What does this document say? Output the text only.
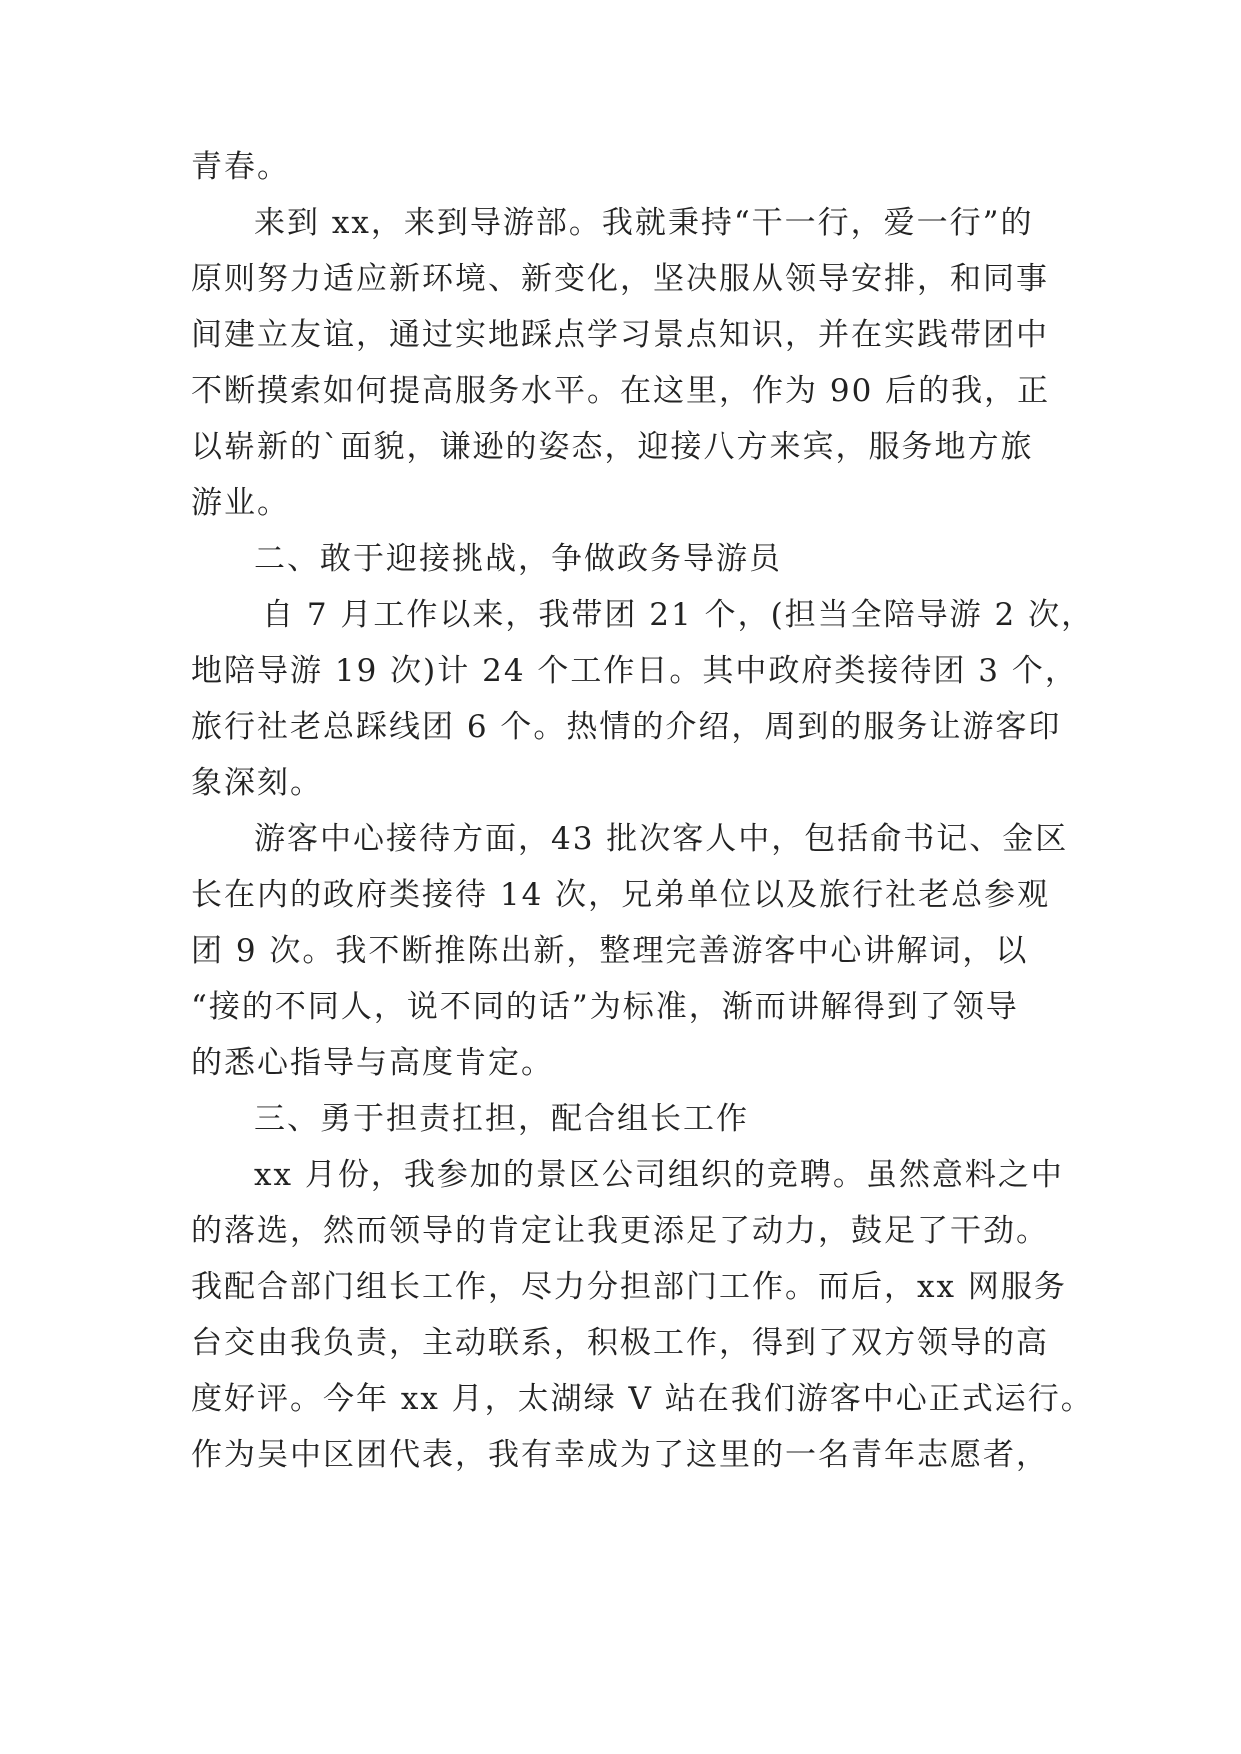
青春。
来到 xx，来到导游部。我就秉持“干一行，爱一行”的
原则努力适应新环境、新变化，坚决服从领导安排，和同事
间建立友谊，通过实地踩点学习景点知识，并在实践带团中
不断摸索如何提高服务水平。在这里，作为 90 后的我，正
以崭新的`面貌，谦逊的姿态，迎接八方来宾，服务地方旅
游业。
二、敢于迎接挑战，争做政务导游员
自 7 月工作以来，我带团 21 个，(担当全陪导游 2 次，
地陪导游 19 次)计 24 个工作日。其中政府类接待团 3 个，
旅行社老总踩线团 6 个。热情的介绍，周到的服务让游客印
象深刻。
游客中心接待方面，43 批次客人中，包括俞书记、金区
长在内的政府类接待 14 次，兄弟单位以及旅行社老总参观
团 9 次。我不断推陈出新，整理完善游客中心讲解词，以
“接的不同人，说不同的话”为标准，渐而讲解得到了领导
的悉心指导与高度肯定。
三、勇于担责扛担，配合组长工作
xx 月份，我参加的景区公司组织的竞聘。虽然意料之中
的落选，然而领导的肯定让我更添足了动力，鼓足了干劲。
我配合部门组长工作，尽力分担部门工作。而后，xx 网服务
台交由我负责，主动联系，积极工作，得到了双方领导的高
度好评。今年 xx 月，太湖绿 V 站在我们游客中心正式运行。
作为吴中区团代表，我有幸成为了这里的一名青年志愿者，
